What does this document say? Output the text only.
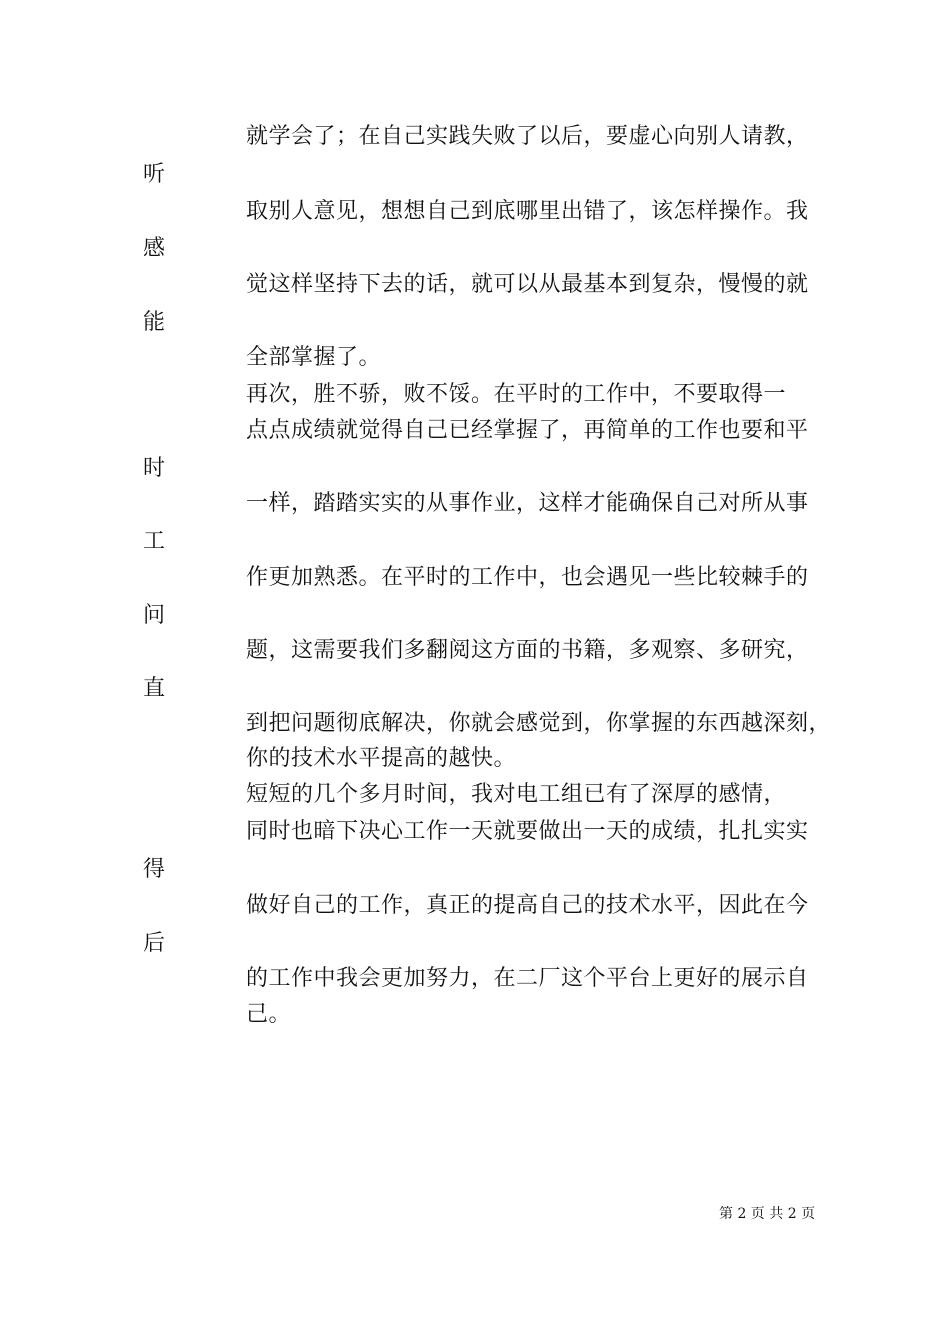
就学会了；在自己实践失败了以后，要虚心向别人请教，
听
取别人意见，想想自己到底哪里出错了，该怎样操作。我
感
觉这样坚持下去的话，就可以从最基本到复杂，慢慢的就
能
全部掌握了。
再次，胜不骄，败不馁。在平时的工作中，不要取得一
点点成绩就觉得自己已经掌握了，再简单的工作也要和平
时
一样，踏踏实实的从事作业，这样才能确保自己对所从事
工
作更加熟悉。在平时的工作中，也会遇见一些比较棘手的
问
题，这需要我们多翻阅这方面的书籍，多观察、多研究，
直
到把问题彻底解决，你就会感觉到，你掌握的东西越深刻，
你的技术水平提高的越快。
短短的几个多月时间，我对电工组已有了深厚的感情，
同时也暗下决心工作一天就要做出一天的成绩，扎扎实实
得
做好自己的工作，真正的提高自己的技术水平，因此在今
后
的工作中我会更加努力，在二厂这个平台上更好的展示自
己。
第 2 页 共 2 页
